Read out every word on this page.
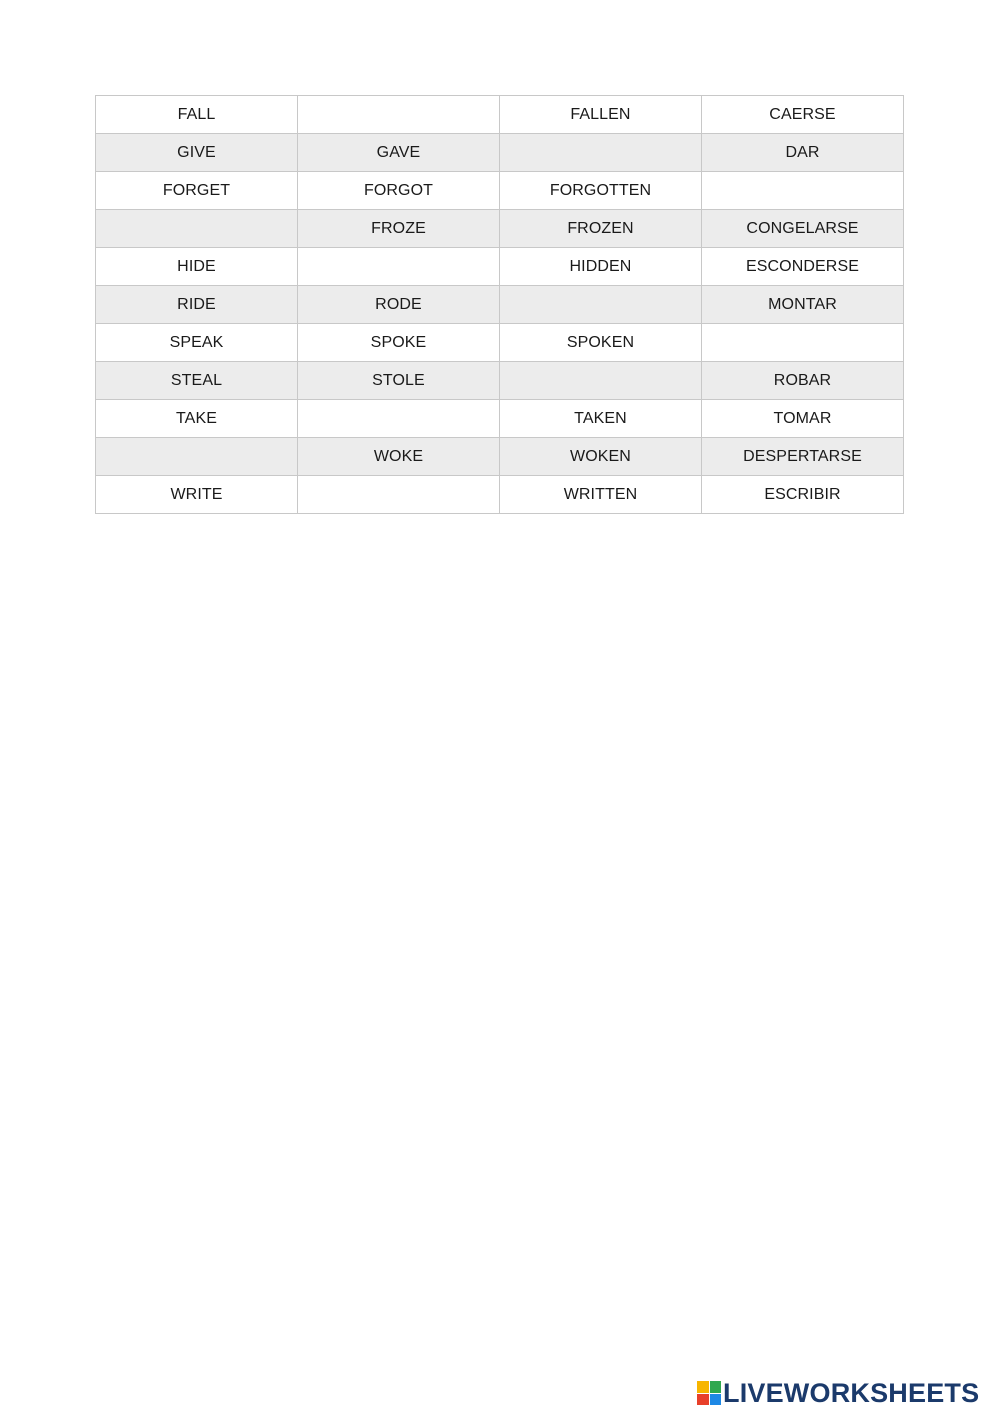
FALL		FALLEN	CAERSE
GIVE	GAVE		DAR
FORGET	FORGOT	FORGOTTEN	
	FROZE	FROZEN	CONGELARSE
HIDE		HIDDEN	ESCONDERSE
RIDE	RODE		MONTAR
SPEAK	SPOKE	SPOKEN	
STEAL	STOLE		ROBAR
TAKE		TAKEN	TOMAR
	WOKE	WOKEN	DESPERTARSE
WRITE		WRITTEN	ESCRIBIR
LIVEWORKSHEETS
